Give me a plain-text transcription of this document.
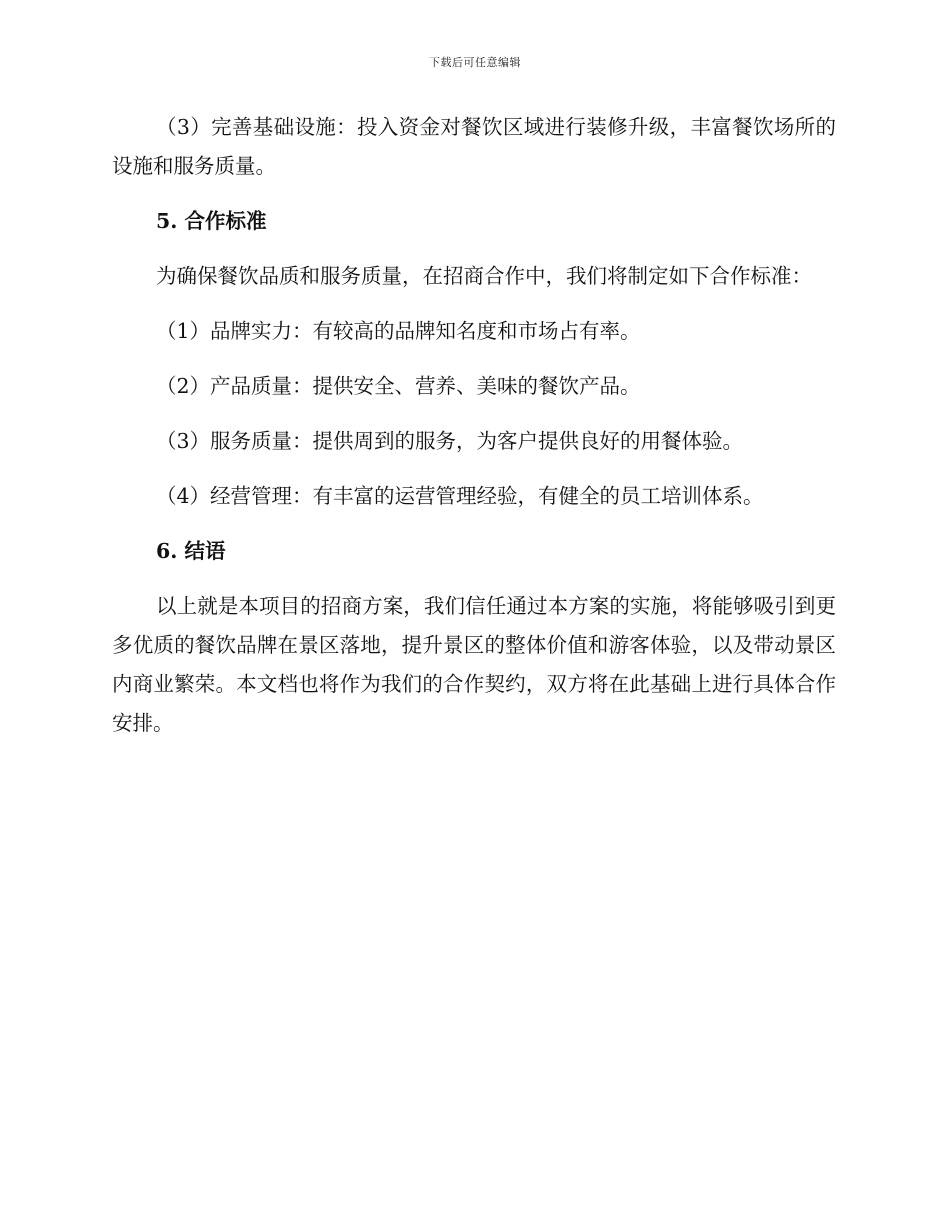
下载后可任意编辑

（3）完善基础设施：投入资金对餐饮区域进行装修升级，丰富餐饮场所的设施和服务质量。

5. 合作标准

为确保餐饮品质和服务质量，在招商合作中，我们将制定如下合作标准：

（1）品牌实力：有较高的品牌知名度和市场占有率。

（2）产品质量：提供安全、营养、美味的餐饮产品。

（3）服务质量：提供周到的服务，为客户提供良好的用餐体验。

（4）经营管理：有丰富的运营管理经验，有健全的员工培训体系。

6. 结语

以上就是本项目的招商方案，我们信任通过本方案的实施，将能够吸引到更多优质的餐饮品牌在景区落地，提升景区的整体价值和游客体验，以及带动景区内商业繁荣。本文档也将作为我们的合作契约，双方将在此基础上进行具体合作安排。
